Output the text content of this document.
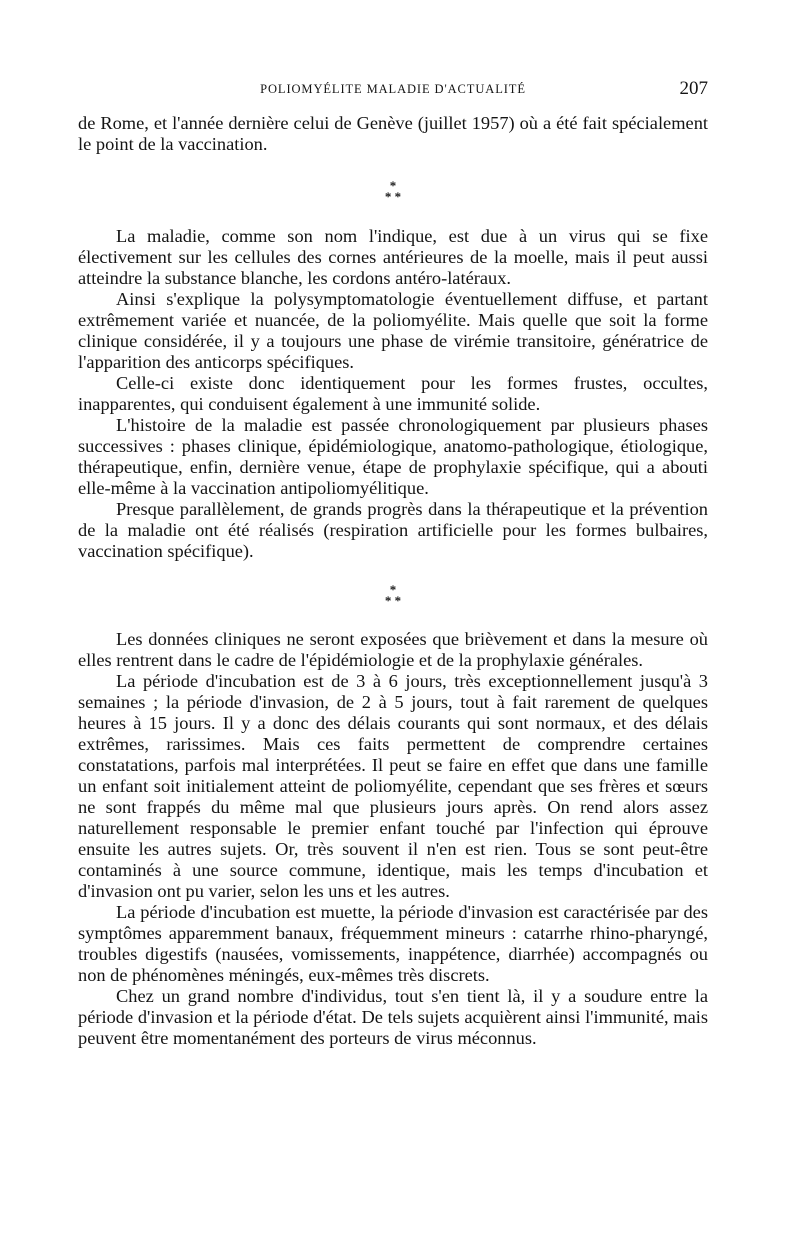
POLIOMYÉLITE MALADIE D'ACTUALITÉ	207

de Rome, et l'année dernière celui de Genève (juillet 1957) où a été fait spécialement le point de la vaccination.

*
* *

La maladie, comme son nom l'indique, est due à un virus qui se fixe électivement sur les cellules des cornes antérieures de la moelle, mais il peut aussi atteindre la substance blanche, les cordons antéro-latéraux.

Ainsi s'explique la polysymptomatologie éventuellement diffuse, et partant extrêmement variée et nuancée, de la poliomyélite. Mais quelle que soit la forme clinique considérée, il y a toujours une phase de virémie transitoire, génératrice de l'apparition des anticorps spécifiques.

Celle-ci existe donc identiquement pour les formes frustes, occultes, inapparentes, qui conduisent également à une immunité solide.

L'histoire de la maladie est passée chronologiquement par plusieurs phases successives : phases clinique, épidémiologique, anatomo-pathologique, étiologique, thérapeutique, enfin, dernière venue, étape de prophylaxie spécifique, qui a abouti elle-même à la vaccination antipoliomyélitique.

Presque parallèlement, de grands progrès dans la thérapeutique et la prévention de la maladie ont été réalisés (respiration artificielle pour les formes bulbaires, vaccination spécifique).

*
* *

Les données cliniques ne seront exposées que brièvement et dans la mesure où elles rentrent dans le cadre de l'épidémiologie et de la prophylaxie générales.

La période d'incubation est de 3 à 6 jours, très exceptionnellement jusqu'à 3 semaines ; la période d'invasion, de 2 à 5 jours, tout à fait rarement de quelques heures à 15 jours. Il y a donc des délais courants qui sont normaux, et des délais extrêmes, rarissimes. Mais ces faits permettent de comprendre certaines constatations, parfois mal interprétées. Il peut se faire en effet que dans une famille un enfant soit initialement atteint de poliomyélite, cependant que ses frères et sœurs ne sont frappés du même mal que plusieurs jours après. On rend alors assez naturellement responsable le premier enfant touché par l'infection qui éprouve ensuite les autres sujets. Or, très souvent il n'en est rien. Tous se sont peut-être contaminés à une source commune, identique, mais les temps d'incubation et d'invasion ont pu varier, selon les uns et les autres.

La période d'incubation est muette, la période d'invasion est caractérisée par des symptômes apparemment banaux, fréquemment mineurs : catarrhe rhino-pharyngé, troubles digestifs (nausées, vomissements, inappétence, diarrhée) accompagnés ou non de phénomènes méningés, eux-mêmes très discrets.

Chez un grand nombre d'individus, tout s'en tient là, il y a soudure entre la période d'invasion et la période d'état. De tels sujets acquièrent ainsi l'immunité, mais peuvent être momentanément des porteurs de virus méconnus.
